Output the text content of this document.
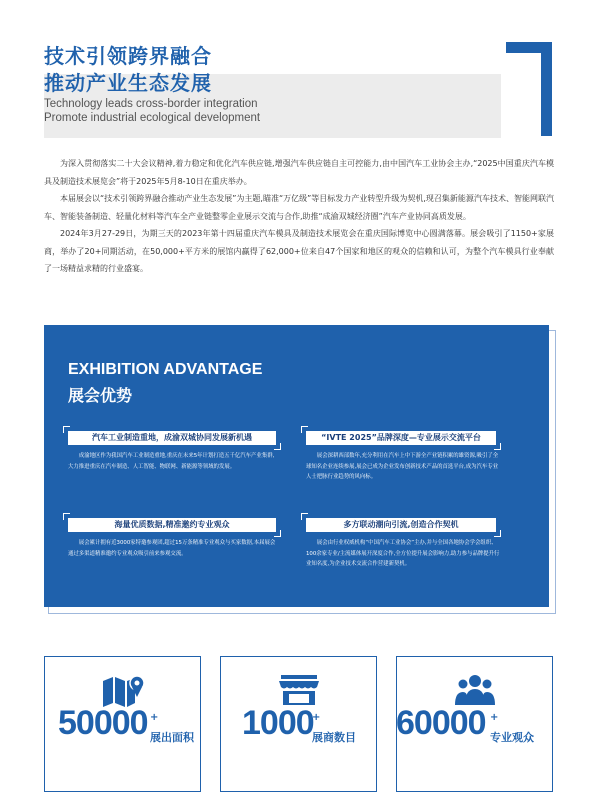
技术引领跨界融合
推动产业生态发展
Technology leads cross-border integration
Promote industrial ecological development

为深入贯彻落实二十大会议精神,着力稳定和优化汽车供应链,增强汽车供应链自主可控能力,由中国汽车工业协会主办,“2025中国重庆汽车模具及制造技术展览会”将于2025年5月8-10日在重庆举办。

本届展会以“技术引领跨界融合推动产业生态发展”为主题,瞄准“万亿级”等目标发力产业转型升级为契机,现召集新能源汽车技术、智能网联汽车、智能装备制造、轻量化材料等汽车全产业链整零企业展示交流与合作,助推“成渝双城经济圈”汽车产业协同高质发展。

2024年3月27-29日，为期三天的2023年第十四届重庆汽车模具及制造技术展览会在重庆国际博览中心圆满落幕。展会吸引了1150+家展商，举办了20+同期活动，在50,000+平方米的展馆内赢得了62,000+位来自47个国家和地区的观众的信赖和认可，为整个汽车模具行业奉献了一场精益求精的行业盛宴。

EXHIBITION ADVANTAGE
展会优势
汽车工业制造重地，成渝双城协同发展新机遇
成渝地区作为我国汽车工业制造重地,重庆在未来5年计划打造五千亿汽车产业集群,大力推进重庆在汽车制造、人工智能、物联网、新能源等领域的发展。
“IVTE 2025”品牌深度—专业展示交流平台
展会深耕西部数年,充分利用在汽车上中下游全产业链积累的雄资源,吸引了全球知名企业连续参展,展会已成为企业发布创新技术产品的首选平台,成为汽车专业人士把脉行业趋势的风向标。
海量优质数据,精准邀约专业观众
展会累计拥有近3000家特邀参观团,超过15万条精准专业观众与买家数据,本届展会通过多渠道精准邀约专业观众吸引前来参观交流。
多方联动潮向引流,创造合作契机
展会由行业权威机构“中国汽车工业协会”主办,并与全国各地协会学会组织、100余家专业/主流媒体展开深度合作,全方位提升展会影响力,助力参与品牌提升行业知名度,为企业技术交流合作营建新契机。
50000 +
展出面积 1000
+
展商数目 60000 +
专业观众
